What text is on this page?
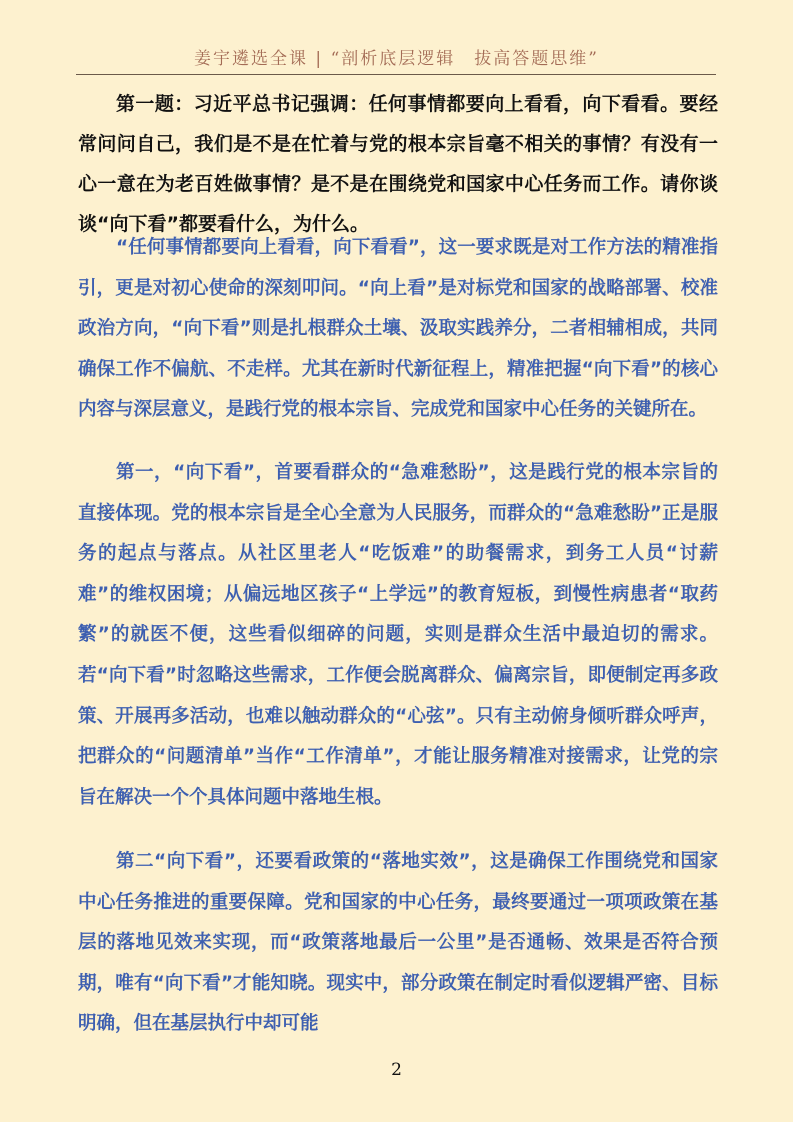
姜宇遴选全课 | “剖析底层逻辑　拔高答题思维”

第一题：习近平总书记强调：任何事情都要向上看看，向下看看。要经常问问自己，我们是不是在忙着与党的根本宗旨毫不相关的事情？有没有一心一意在为老百姓做事情？是不是在围绕党和国家中心任务而工作。请你谈谈“向下看”都要看什么，为什么。

“任何事情都要向上看看，向下看看”，这一要求既是对工作方法的精准指引，更是对初心使命的深刻叩问。“向上看”是对标党和国家的战略部署、校准政治方向，“向下看”则是扎根群众土壤、汲取实践养分，二者相辅相成，共同确保工作不偏航、不走样。尤其在新时代新征程上，精准把握“向下看”的核心内容与深层意义，是践行党的根本宗旨、完成党和国家中心任务的关键所在。

第一，“向下看”，首要看群众的“急难愁盼”，这是践行党的根本宗旨的直接体现。党的根本宗旨是全心全意为人民服务，而群众的“急难愁盼”正是服务的起点与落点。从社区里老人“吃饭难”的助餐需求，到务工人员“讨薪难”的维权困境；从偏远地区孩子“上学远”的教育短板，到慢性病患者“取药繁”的就医不便，这些看似细碎的问题，实则是群众生活中最迫切的需求。若“向下看”时忽略这些需求，工作便会脱离群众、偏离宗旨，即便制定再多政策、开展再多活动，也难以触动群众的“心弦”。只有主动俯身倾听群众呼声，把群众的“问题清单”当作“工作清单”，才能让服务精准对接需求，让党的宗旨在解决一个个具体问题中落地生根。

第二“向下看”，还要看政策的“落地实效”，这是确保工作围绕党和国家中心任务推进的重要保障。党和国家的中心任务，最终要通过一项项政策在基层的落地见效来实现，而“政策落地最后一公里”是否通畅、效果是否符合预期，唯有“向下看”才能知晓。现实中，部分政策在制定时看似逻辑严密、目标明确，但在基层执行中却可能

2
